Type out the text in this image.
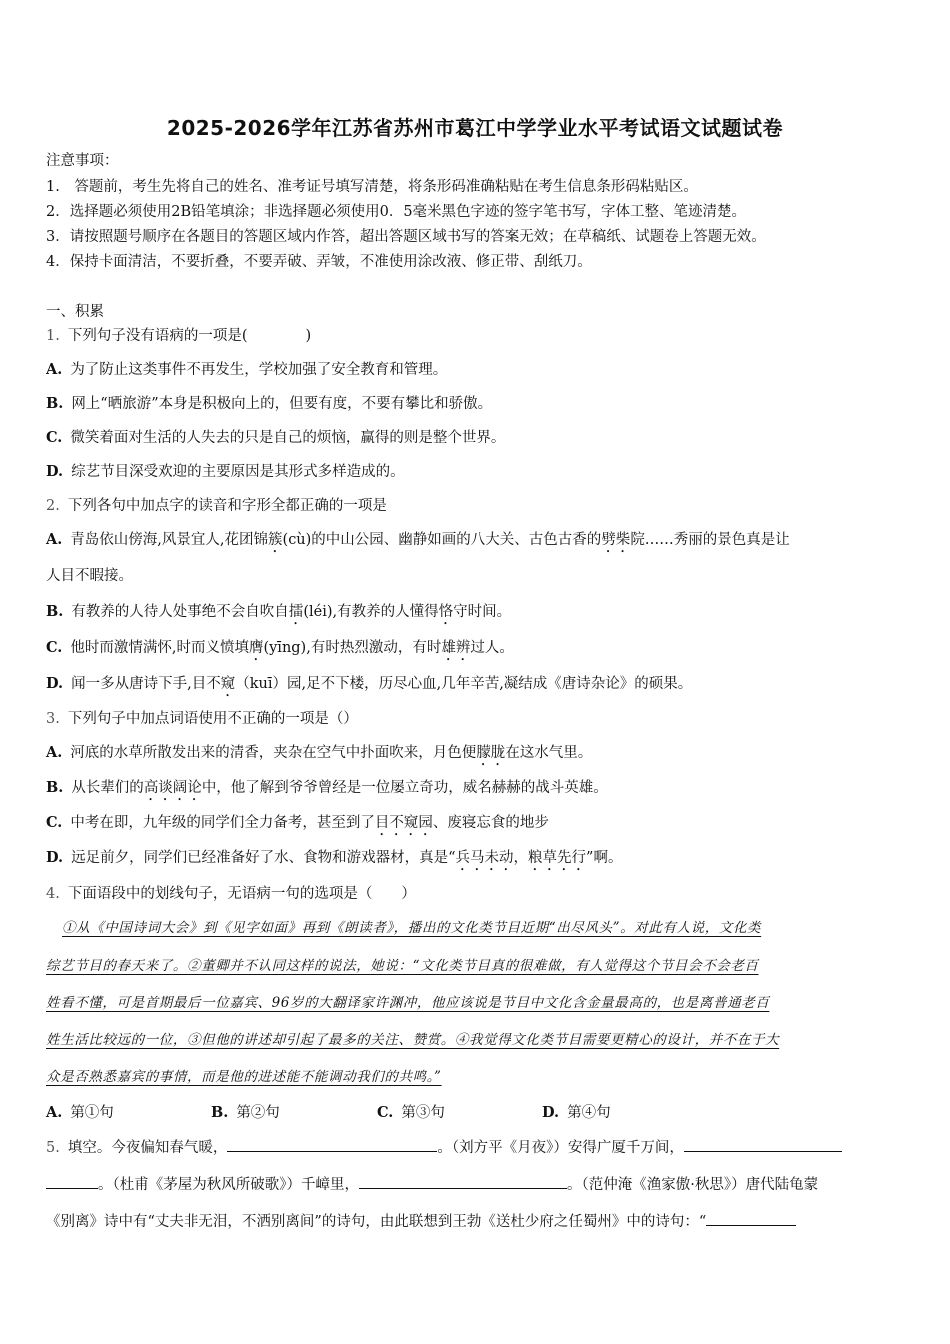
2025-2026学年江苏省苏州市葛江中学学业水平考试语文试题试卷
注意事项：
1.　答题前，考生先将自己的姓名、准考证号填写清楚，将条形码准确粘贴在考生信息条形码粘贴区。
2．选择题必须使用2B铅笔填涂；非选择题必须使用0．5毫米黑色字迹的签字笔书写，字体工整、笔迹清楚。
3．请按照题号顺序在各题目的答题区域内作答，超出答题区域书写的答案无效；在草稿纸、试题卷上答题无效。
4．保持卡面清洁，不要折叠，不要弄破、弄皱，不准使用涂改液、修正带、刮纸刀。
一、积累
1. 下列句子没有语病的一项是(　　　　)
A. 为了防止这类事件不再发生，学校加强了安全教育和管理。
B. 网上“晒旅游”本身是积极向上的，但要有度，不要有攀比和骄傲。
C. 微笑着面对生活的人失去的只是自己的烦恼，赢得的则是整个世界。
D. 综艺节目深受欢迎的主要原因是其形式多样造成的。
2. 下列各句中加点字的读音和字形全都正确的一项是
A. 青岛依山傍海,风景宜人,花团锦簇(cù)的中山公园、幽静如画的八大关、古色古香的劈柴院……秀丽的景色真是让
人目不暇接。
B. 有教养的人待人处事绝不会自吹自擂(léi),有教养的人懂得恪守时间。
C. 他时而激情满怀,时而义愤填膺(yīng),有时热烈激动，有时雄辨过人。
D. 闻一多从唐诗下手,目不窥（kuī）园,足不下楼，历尽心血,几年辛苦,凝结成《唐诗杂论》的硕果。
3. 下列句子中加点词语使用不正确的一项是（）
A. 河底的水草所散发出来的清香，夹杂在空气中扑面吹来，月色便朦胧在这水气里。
B. 从长辈们的高谈阔论中，他了解到爷爷曾经是一位屡立奇功，威名赫赫的战斗英雄。
C. 中考在即，九年级的同学们全力备考，甚至到了目不窥园、废寝忘食的地步
D. 远足前夕，同学们已经准备好了水、食物和游戏器材，真是“兵马未动，粮草先行”啊。
4. 下面语段中的划线句子，无语病一句的选项是（　　）
①从《中国诗词大会》到《见字如面》再到《朗读者》，播出的文化类节目近期“出尽风头”。对此有人说，文化类
综艺节目的春天来了。②董卿并不认同这样的说法，她说：“文化类节目真的很难做，有人觉得这个节目会不会老百
姓看不懂，可是首期最后一位嘉宾、96岁的大翻译家许渊冲，他应该说是节目中文化含金量最高的，也是离普通老百
姓生活比较远的一位，③但他的讲述却引起了最多的关注、赞赏。④我觉得文化类节目需要更精心的设计，并不在于大
众是否熟悉嘉宾的事情，而是他的进述能不能调动我们的共鸣。”
A. 第①句	B. 第②句	C. 第③句	D. 第④句
5. 填空。今夜偏知春气暖，	。（刘方平《月夜》）安得广厦千万间，
。（杜甫《茅屋为秋风所破歌》）千嶂里，	。（范仲淹《渔家傲·秋思》）唐代陆龟蒙
《别离》诗中有“丈夫非无泪，不洒别离间”的诗句，由此联想到王勃《送杜少府之任蜀州》中的诗句：“
